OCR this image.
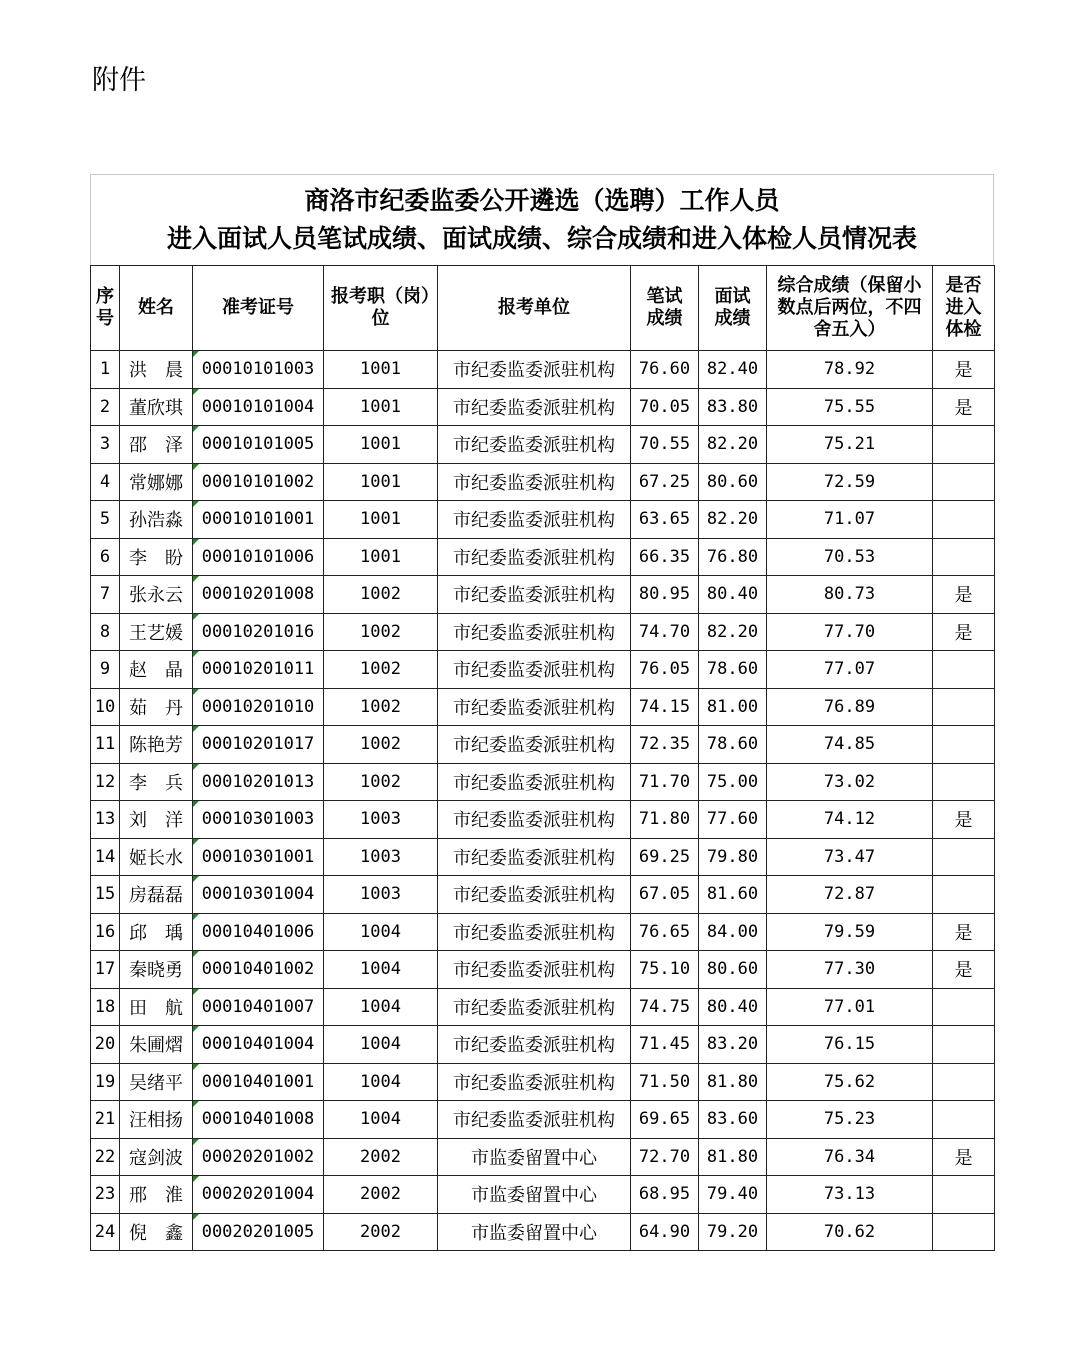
附件
商洛市纪委监委公开遴选（选聘）工作人员
进入面试人员笔试成绩、面试成绩、综合成绩和进入体检人员情况表
序号	姓名	准考证号	报考职（岗）位	报考单位	笔试成绩	面试成绩	综合成绩（保留小数点后两位，不四舍五入）	是否进入体检
1	洪　晨	00010101003	1001	市纪委监委派驻机构	76.60	82.40	78.92	是
2	董欣琪	00010101004	1001	市纪委监委派驻机构	70.05	83.80	75.55	是
3	邵　泽	00010101005	1001	市纪委监委派驻机构	70.55	82.20	75.21	
4	常娜娜	00010101002	1001	市纪委监委派驻机构	67.25	80.60	72.59	
5	孙浩淼	00010101001	1001	市纪委监委派驻机构	63.65	82.20	71.07	
6	李　盼	00010101006	1001	市纪委监委派驻机构	66.35	76.80	70.53	
7	张永云	00010201008	1002	市纪委监委派驻机构	80.95	80.40	80.73	是
8	王艺媛	00010201016	1002	市纪委监委派驻机构	74.70	82.20	77.70	是
9	赵　晶	00010201011	1002	市纪委监委派驻机构	76.05	78.60	77.07	
10	茹　丹	00010201010	1002	市纪委监委派驻机构	74.15	81.00	76.89	
11	陈艳芳	00010201017	1002	市纪委监委派驻机构	72.35	78.60	74.85	
12	李　兵	00010201013	1002	市纪委监委派驻机构	71.70	75.00	73.02	
13	刘　洋	00010301003	1003	市纪委监委派驻机构	71.80	77.60	74.12	是
14	姬长水	00010301001	1003	市纪委监委派驻机构	69.25	79.80	73.47	
15	房磊磊	00010301004	1003	市纪委监委派驻机构	67.05	81.60	72.87	
16	邱　瑀	00010401006	1004	市纪委监委派驻机构	76.65	84.00	79.59	是
17	秦晓勇	00010401002	1004	市纪委监委派驻机构	75.10	80.60	77.30	是
18	田　航	00010401007	1004	市纪委监委派驻机构	74.75	80.40	77.01	
20	朱圃熠	00010401004	1004	市纪委监委派驻机构	71.45	83.20	76.15	
19	吴绪平	00010401001	1004	市纪委监委派驻机构	71.50	81.80	75.62	
21	汪相扬	00010401008	1004	市纪委监委派驻机构	69.65	83.60	75.23	
22	寇剑波	00020201002	2002	市监委留置中心	72.70	81.80	76.34	是
23	邢　淮	00020201004	2002	市监委留置中心	68.95	79.40	73.13	
24	倪　鑫	00020201005	2002	市监委留置中心	64.90	79.20	70.62	
